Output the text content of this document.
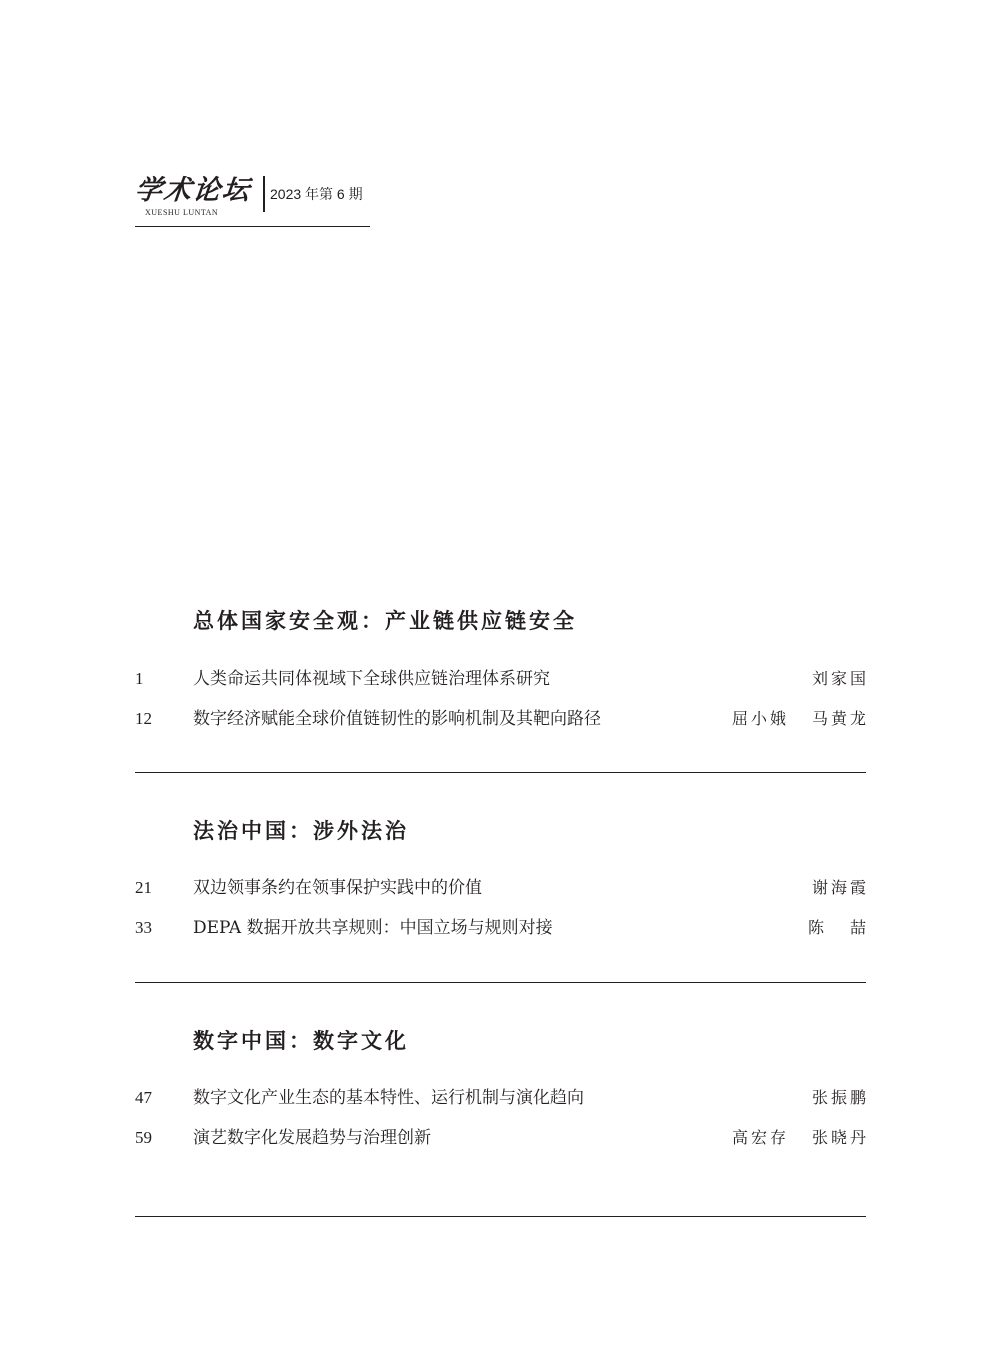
学术论坛
XUESHU LUNTAN
2023 年第 6 期
总体国家安全观：产业链供应链安全
1	人类命运共同体视域下全球供应链治理体系研究	刘家国
12 数字经济赋能全球价值链韧性的影响机制及其靶向路径	屈小娥 马黄龙
法治中国：涉外法治
21 双边领事条约在领事保护实践中的价值	谢海霞
33 DEPA 数据开放共享规则：中国立场与规则对接	陈喆
数字中国：数字文化
47 数字文化产业生态的基本特性、运行机制与演化趋向	张振鹏
59 演艺数字化发展趋势与治理创新	高宏存 张晓丹
